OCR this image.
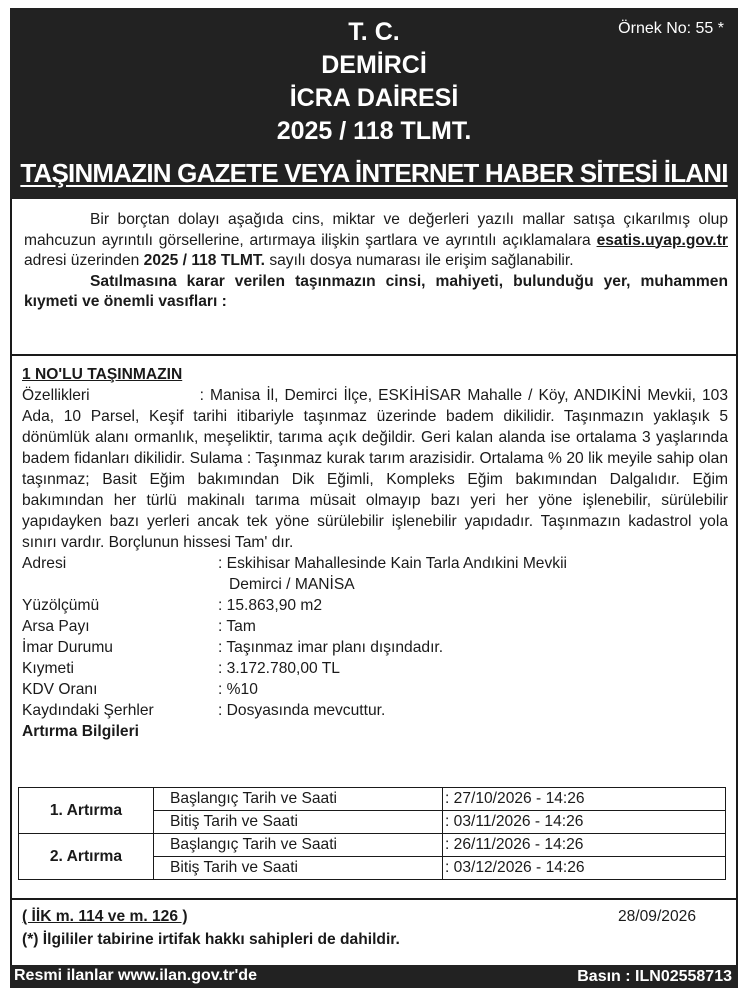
Örnek No: 55 *
T. C.
DEMİRCİ
İCRA DAİRESİ
2025 / 118 TLMT.
TAŞINMAZIN GAZETE VEYA İNTERNET HABER SİTESİ İLANI

Bir borçtan dolayı aşağıda cins, miktar ve değerleri yazılı mallar satışa çıkarılmış olup mahcuzun ayrıntılı görsellerine, artırmaya ilişkin şartlara ve ayrıntılı açıklamalara esatis.uyap.gov.tr adresi üzerinden 2025 / 118 TLMT. sayılı dosya numarası ile erişim sağlanabilir.

Satılmasına karar verilen taşınmazın cinsi, mahiyeti, bulunduğu yer, muhammen kıymeti ve önemli vasıfları :

1 NO'LU TAŞINMAZIN

Özellikleri	: Manisa İl, Demirci İlçe, ESKİHİSAR Mahalle / Köy, ANDIKİNİ Mevkii, 103 Ada, 10 Parsel, Keşif tarihi itibariyle taşınmaz üzerinde badem dikilidir. Taşınmazın yaklaşık 5 dönümlük alanı ormanlık, meşeliktir, tarıma açık değildir. Geri kalan alanda ise ortalama 3 yaşlarında badem fidanları dikilidir. Sulama : Taşınmaz kurak tarım arazisidir. Ortalama % 20 lik meyile sahip olan taşınmaz; Basit Eğim bakımından Dik Eğimli, Kompleks Eğim bakımından Dalgalıdır. Eğim bakımından her türlü makinalı tarıma müsait olmayıp bazı yeri her yöne işlenebilir, sürülebilir yapıdayken bazı yerleri ancak tek yöne sürülebilir işlenebilir yapıdadır. Taşınmazın kadastrol yola sınırı vardır. Borçlunun hissesi Tam' dır.

Adresi	: Eskihisar Mahallesinde Kain Tarla Andıkini Mevkii
Demirci / MANİSA
Yüzölçümü	: 15.863,90 m2
Arsa Payı	: Tam
İmar Durumu	: Taşınmaz imar planı dışındadır.
Kıymeti	: 3.172.780,00 TL
KDV Oranı	: %10
Kaydındaki Şerhler	: Dosyasında mevcuttur.
Artırma Bilgileri
1. Artırma	Başlangıç Tarih ve Saati	: 27/10/2026 - 14:26
	Bitiş Tarih ve Saati	: 03/11/2026 - 14:26
2. Artırma	Başlangıç Tarih ve Saati	: 26/11/2026 - 14:26
	Bitiş Tarih ve Saati	: 03/12/2026 - 14:26
( İİK m. 114 ve m. 126 )	28/09/2026
(*) İlgililer tabirine irtifak hakkı sahipleri de dahildir.
Resmi ilanlar www.ilan.gov.tr'de	Basın : ILN02558713
